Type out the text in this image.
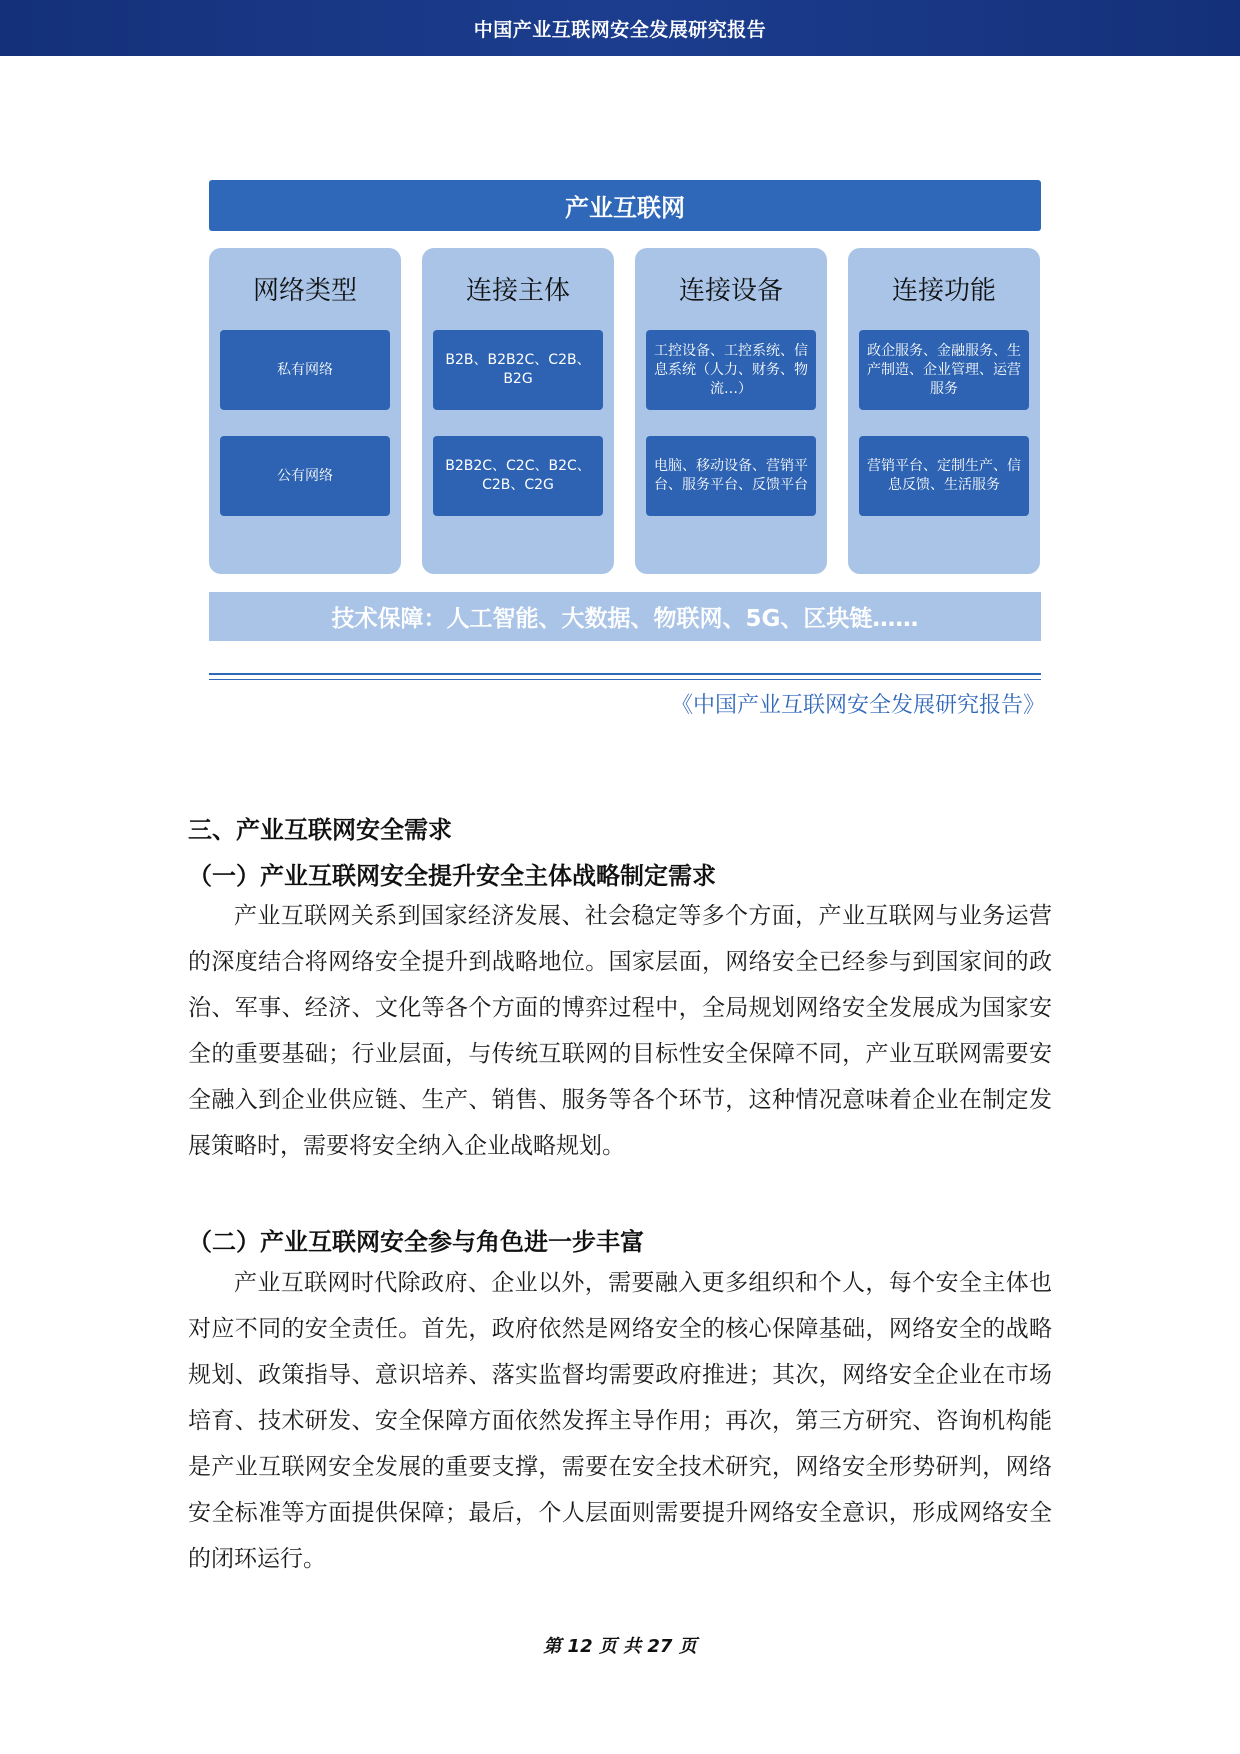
中国产业互联网安全发展研究报告
产业互联网
网络类型
私有网络
公有网络
连接主体
B2B、B2B2C、C2B、B2G
B2B2C、C2C、B2C、C2B、C2G
连接设备
工控设备、工控系统、信息系统（人力、财务、物流…）
电脑、移动设备、营销平台、服务平台、反馈平台
连接功能
政企服务、金融服务、生产制造、企业管理、运营服务
营销平台、定制生产、信息反馈、生活服务
技术保障：人工智能、大数据、物联网、5G、区块链……
《中国产业互联网安全发展研究报告》
三、产业互联网安全需求
（一）产业互联网安全提升安全主体战略制定需求
产业互联网关系到国家经济发展、社会稳定等多个方面，产业互联网与业务运营的深度结合将网络安全提升到战略地位。国家层面，网络安全已经参与到国家间的政治、军事、经济、文化等各个方面的博弈过程中，全局规划网络安全发展成为国家安全的重要基础；行业层面，与传统互联网的目标性安全保障不同，产业互联网需要安全融入到企业供应链、生产、销售、服务等各个环节，这种情况意味着企业在制定发展策略时，需要将安全纳入企业战略规划。
（二）产业互联网安全参与角色进一步丰富
产业互联网时代除政府、企业以外，需要融入更多组织和个人，每个安全主体也对应不同的安全责任。首先，政府依然是网络安全的核心保障基础，网络安全的战略规划、政策指导、意识培养、落实监督均需要政府推进；其次，网络安全企业在市场培育、技术研发、安全保障方面依然发挥主导作用；再次，第三方研究、咨询机构能是产业互联网安全发展的重要支撑，需要在安全技术研究，网络安全形势研判，网络安全标准等方面提供保障；最后，个人层面则需要提升网络安全意识，形成网络安全的闭环运行。
第 12 页 共 27 页
